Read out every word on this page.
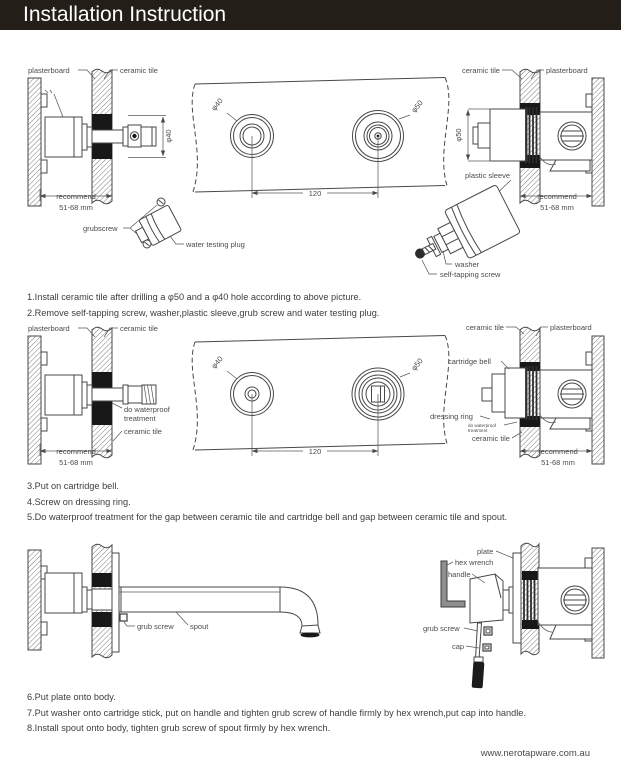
Installation Instruction
φ40
recommend
51-68 mm
plasterboard	ceramic tile
grubscrew
water testing plug
φ40	φ50
120
φ50
ceramic tile	plasterboard
recommend
51-68 mm
plastic sleeve
washer
self-tapping screw
recommend
51-68 mm
plasterboard	ceramic tile
do waterproof
treatment
ceramic tile
φ40	φ50
120
ceramic tile	plasterboard
cartridge bell
dressing ring
do waterproof
treatment
ceramic tile
recommend
51-68 mm
grub screw spout
plate
hex wrench
handle
grub screw
cap
1.Install ceramic tile after drilling a φ50 and a φ40 hole according to above picture.
2.Remove self-tapping screw, washer,plastic sleeve,grub screw and water testing plug.
3.Put on cartridge bell.
4.Screw on dressing ring.
5.Do waterproof treatment for the gap between ceramic tile and cartridge bell and gap between ceramic tile and spout.
6.Put plate onto body.
7.Put washer onto cartridge stick, put on handle and tighten grub screw of handle firmly by hex wrench,put cap into handle.
8.Install spout onto body, tighten grub screw of spout firmly by hex wrench.
www.nerotapware.com.au
